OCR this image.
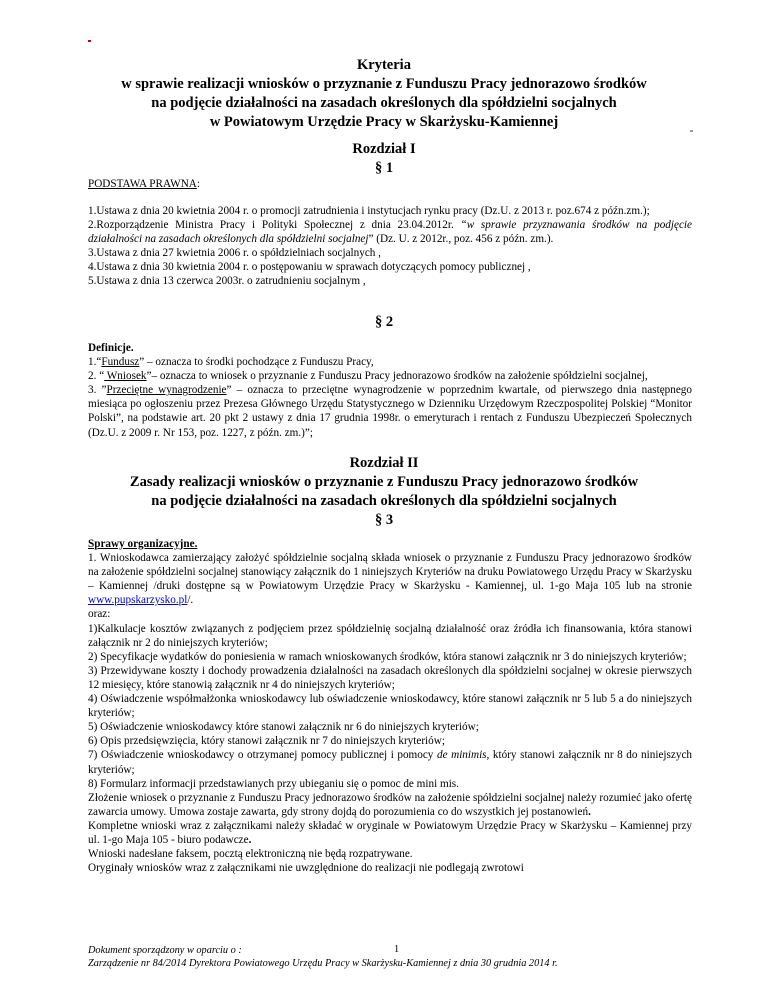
Kryteria
w sprawie realizacji wniosków o przyznanie z Funduszu Pracy jednorazowo środków
na podjęcie działalności na zasadach określonych dla spółdzielni socjalnych
w Powiatowym Urzędzie Pracy w Skarżysku-Kamiennej
Rozdział I
§ 1

PODSTAWA PRAWNA:

1.Ustawa z dnia 20 kwietnia 2004 r. o promocji zatrudnienia i instytucjach rynku pracy (Dz.U. z 2013 r. poz.674 z późn.zm.);

2.Rozporządzenie Ministra Pracy i Polityki Społecznej z dnia 23.04.2012r. “w sprawie przyznawania środków na podjęcie działalności na zasadach określonych dla spółdzielni socjalnej” (Dz. U. z 2012r., poz. 456 z późn. zm.).

3.Ustawa z dnia 27 kwietnia 2006 r. o spółdzielniach socjalnych ,

4.Ustawa z dnia 30 kwietnia 2004 r. o postępowaniu w sprawach dotyczących pomocy publicznej ,

5.Ustawa z dnia 13 czerwca 2003r. o zatrudnieniu socjalnym ,

§ 2

Definicje.

1.“Fundusz” – oznacza to środki pochodzące z Funduszu Pracy,

2. “ Wniosek”– oznacza to wniosek o przyznanie z Funduszu Pracy jednorazowo środków na założenie spółdzielni socjalnej,

3. ”Przeciętne wynagrodzenie” – oznacza to przeciętne wynagrodzenie w poprzednim kwartale, od pierwszego dnia następnego miesiąca po ogłoszeniu przez Prezesa Głównego Urzędu Statystycznego w Dzienniku Urzędowym Rzeczpospolitej Polskiej “Monitor Polski”, na podstawie art. 20 pkt 2 ustawy z dnia 17 grudnia 1998r. o emeryturach i rentach z Funduszu Ubezpieczeń Społecznych (Dz.U. z 2009 r. Nr 153, poz. 1227, z późn. zm.)”;

Rozdział II
Zasady realizacji wniosków o przyznanie z Funduszu Pracy jednorazowo środków
na podjęcie działalności na zasadach określonych dla spółdzielni socjalnych
§ 3

Sprawy organizacyjne.

1. Wnioskodawca zamierzający założyć spółdzielnie socjalną składa wniosek o przyznanie z Funduszu Pracy jednorazowo środków na założenie spółdzielni socjalnej stanowiący załącznik do 1 niniejszych Kryteriów na druku Powiatowego Urzędu Pracy w Skarżysku – Kamiennej /druki dostępne są w Powiatowym Urzędzie Pracy w Skarżysku - Kamiennej, ul. 1-go Maja 105 lub na stronie www.pupskarzysko.pl/.

oraz:

1)Kalkulacje kosztów związanych z podjęciem przez spółdzielnię socjalną działalność oraz źródła ich finansowania, która stanowi załącznik nr 2 do niniejszych kryteriów;

2) Specyfikacje wydatków do poniesienia w ramach wnioskowanych środków, która stanowi załącznik nr 3 do niniejszych kryteriów;

3) Przewidywane koszty i dochody prowadzenia działalności na zasadach określonych dla spółdzielni socjalnej w okresie pierwszych 12 miesięcy, które stanowią załącznik nr 4 do niniejszych kryteriów;

4) Oświadczenie współmałżonka wnioskodawcy lub oświadczenie wnioskodawcy, które stanowi załącznik nr 5 lub 5 a do niniejszych kryteriów;

5) Oświadczenie wnioskodawcy które stanowi załącznik nr 6 do niniejszych kryteriów;

6) Opis przedsięwzięcia, który stanowi załącznik nr 7 do niniejszych kryteriów;

7) Oświadczenie wnioskodawcy o otrzymanej pomocy publicznej i pomocy de minimis, który stanowi załącznik nr 8 do niniejszych kryteriów;

8) Formularz informacji przedstawianych przy ubieganiu się o pomoc de mini mis.

Złożenie wniosek o przyznanie z Funduszu Pracy jednorazowo środków na założenie spółdzielni socjalnej należy rozumieć jako ofertę zawarcia umowy. Umowa zostaje zawarta, gdy strony dojdą do porozumienia co do wszystkich jej postanowień.

Kompletne wnioski wraz z załącznikami należy składać w oryginale w Powiatowym Urzędzie Pracy w Skarżysku – Kamiennej przy ul. 1-go Maja 105 - biuro podawcze.

Wnioski nadesłane faksem, pocztą elektroniczną nie będą rozpatrywane.

Oryginały wniosków wraz z załącznikami nie uwzględnione do realizacji nie podlegają zwrotowi

Dokument sporządzony w oparciu o :
Zarządzenie nr 84/2014 Dyrektora Powiatowego Urzędu Pracy w Skarżysku-Kamiennej z dnia 30 grudnia 2014 r.
1
